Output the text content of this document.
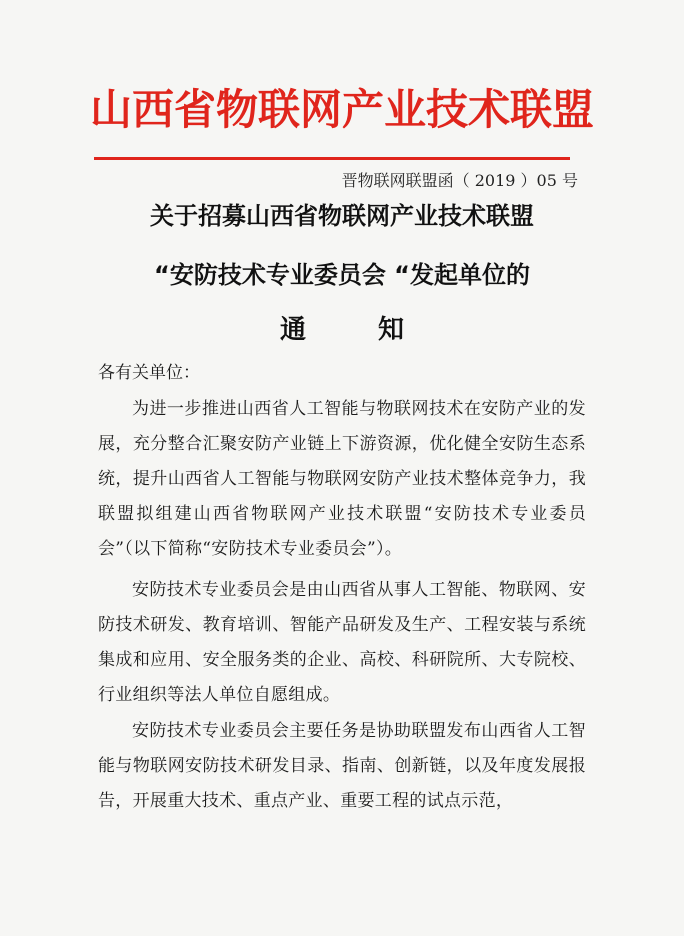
山西省物联网产业技术联盟
晋物联网联盟函（ 2019 ）05 号
关于招募山西省物联网产业技术联盟
“安防技术专业委员会 “发起单位的
通	知
各有关单位：
为进一步推进山西省人工智能与物联网技术在安防产业的发展，充分整合汇聚安防产业链上下游资源，优化健全安防生态系统，提升山西省人工智能与物联网安防产业技术整体竞争力，我联盟拟组建山西省物联网产业技术联盟“安防技术专业委员会”（以下简称“安防技术专业委员会”）。
安防技术专业委员会是由山西省从事人工智能、物联网、安防技术研发、教育培训、智能产品研发及生产、工程安装与系统集成和应用、安全服务类的企业、高校、科研院所、大专院校、行业组织等法人单位自愿组成。
安防技术专业委员会主要任务是协助联盟发布山西省人工智能与物联网安防技术研发目录、指南、创新链，以及年度发展报告，开展重大技术、重点产业、重要工程的试点示范，
